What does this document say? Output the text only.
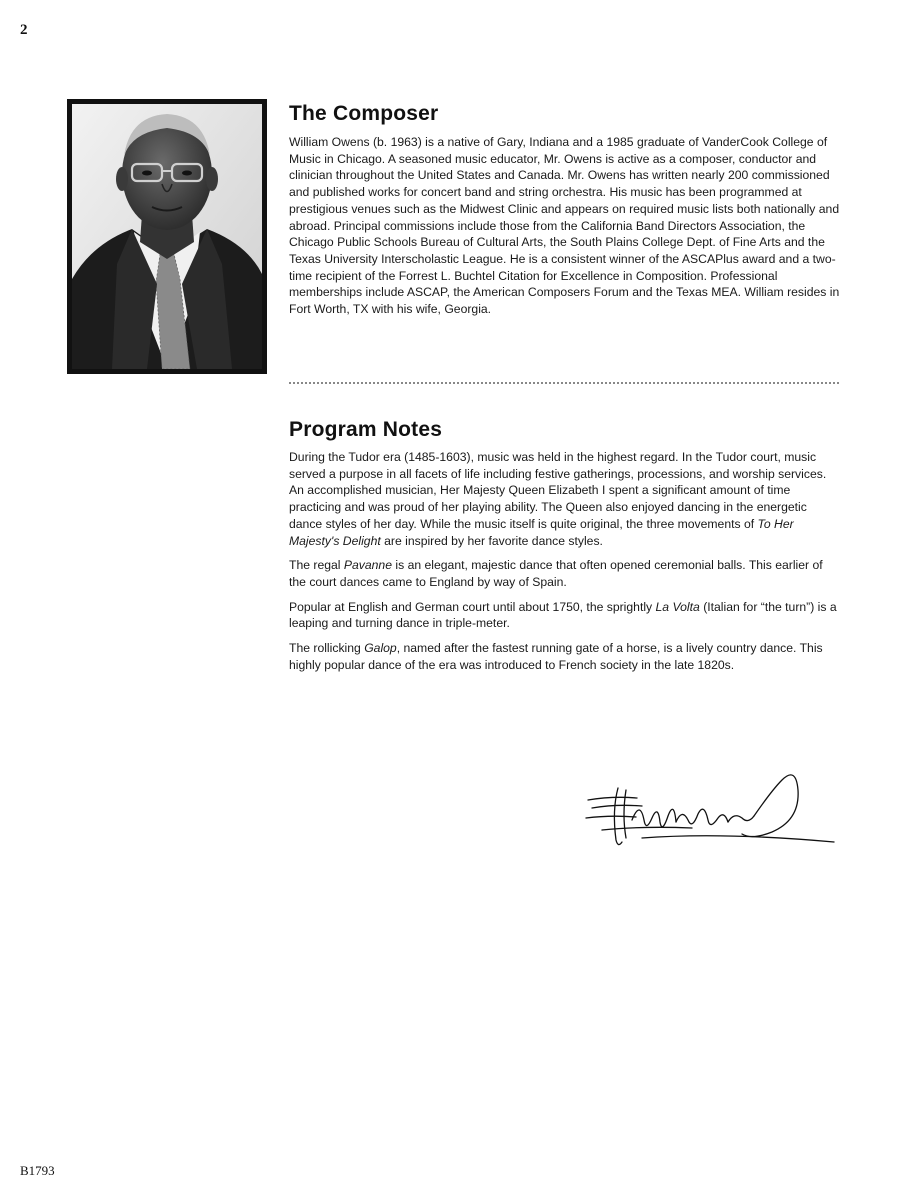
2
The Composer

William Owens (b. 1963) is a native of Gary, Indiana and a 1985 graduate of VanderCook College of Music in Chicago. A seasoned music educator, Mr. Owens is active as a composer, conductor and clinician throughout the United States and Canada. Mr. Owens has written nearly 200 commissioned and published works for concert band and string orchestra. His music has been programmed at prestigious venues such as the Midwest Clinic and appears on required music lists both nationally and abroad. Principal commissions include those from the California Band Directors Association, the Chicago Public Schools Bureau of Cultural Arts, the South Plains College Dept. of Fine Arts and the Texas University Interscholastic League. He is a consistent winner of the ASCAPlus award and a two-time recipient of the Forrest L. Buchtel Citation for Excellence in Composition. Professional memberships include ASCAP, the American Composers Forum and the Texas MEA. William resides in Fort Worth, TX with his wife, Georgia.

Program Notes

During the Tudor era (1485-1603), music was held in the highest regard. In the Tudor court, music served a purpose in all facets of life including festive gatherings, processions, and worship services. An accomplished musician, Her Majesty Queen Elizabeth I spent a significant amount of time practicing and was proud of her playing ability. The Queen also enjoyed dancing in the energetic dance styles of her day. While the music itself is quite original, the three movements of To Her Majesty's Delight are inspired by her favorite dance styles.

The regal Pavanne is an elegant, majestic dance that often opened ceremonial balls. This earlier of the court dances came to England by way of Spain.

Popular at English and German court until about 1750, the sprightly La Volta (Italian for “the turn”) is a leaping and turning dance in triple-meter.

The rollicking Galop, named after the fastest running gate of a horse, is a lively country dance. This highly popular dance of the era was introduced to French society in the late 1820s.

B1793
